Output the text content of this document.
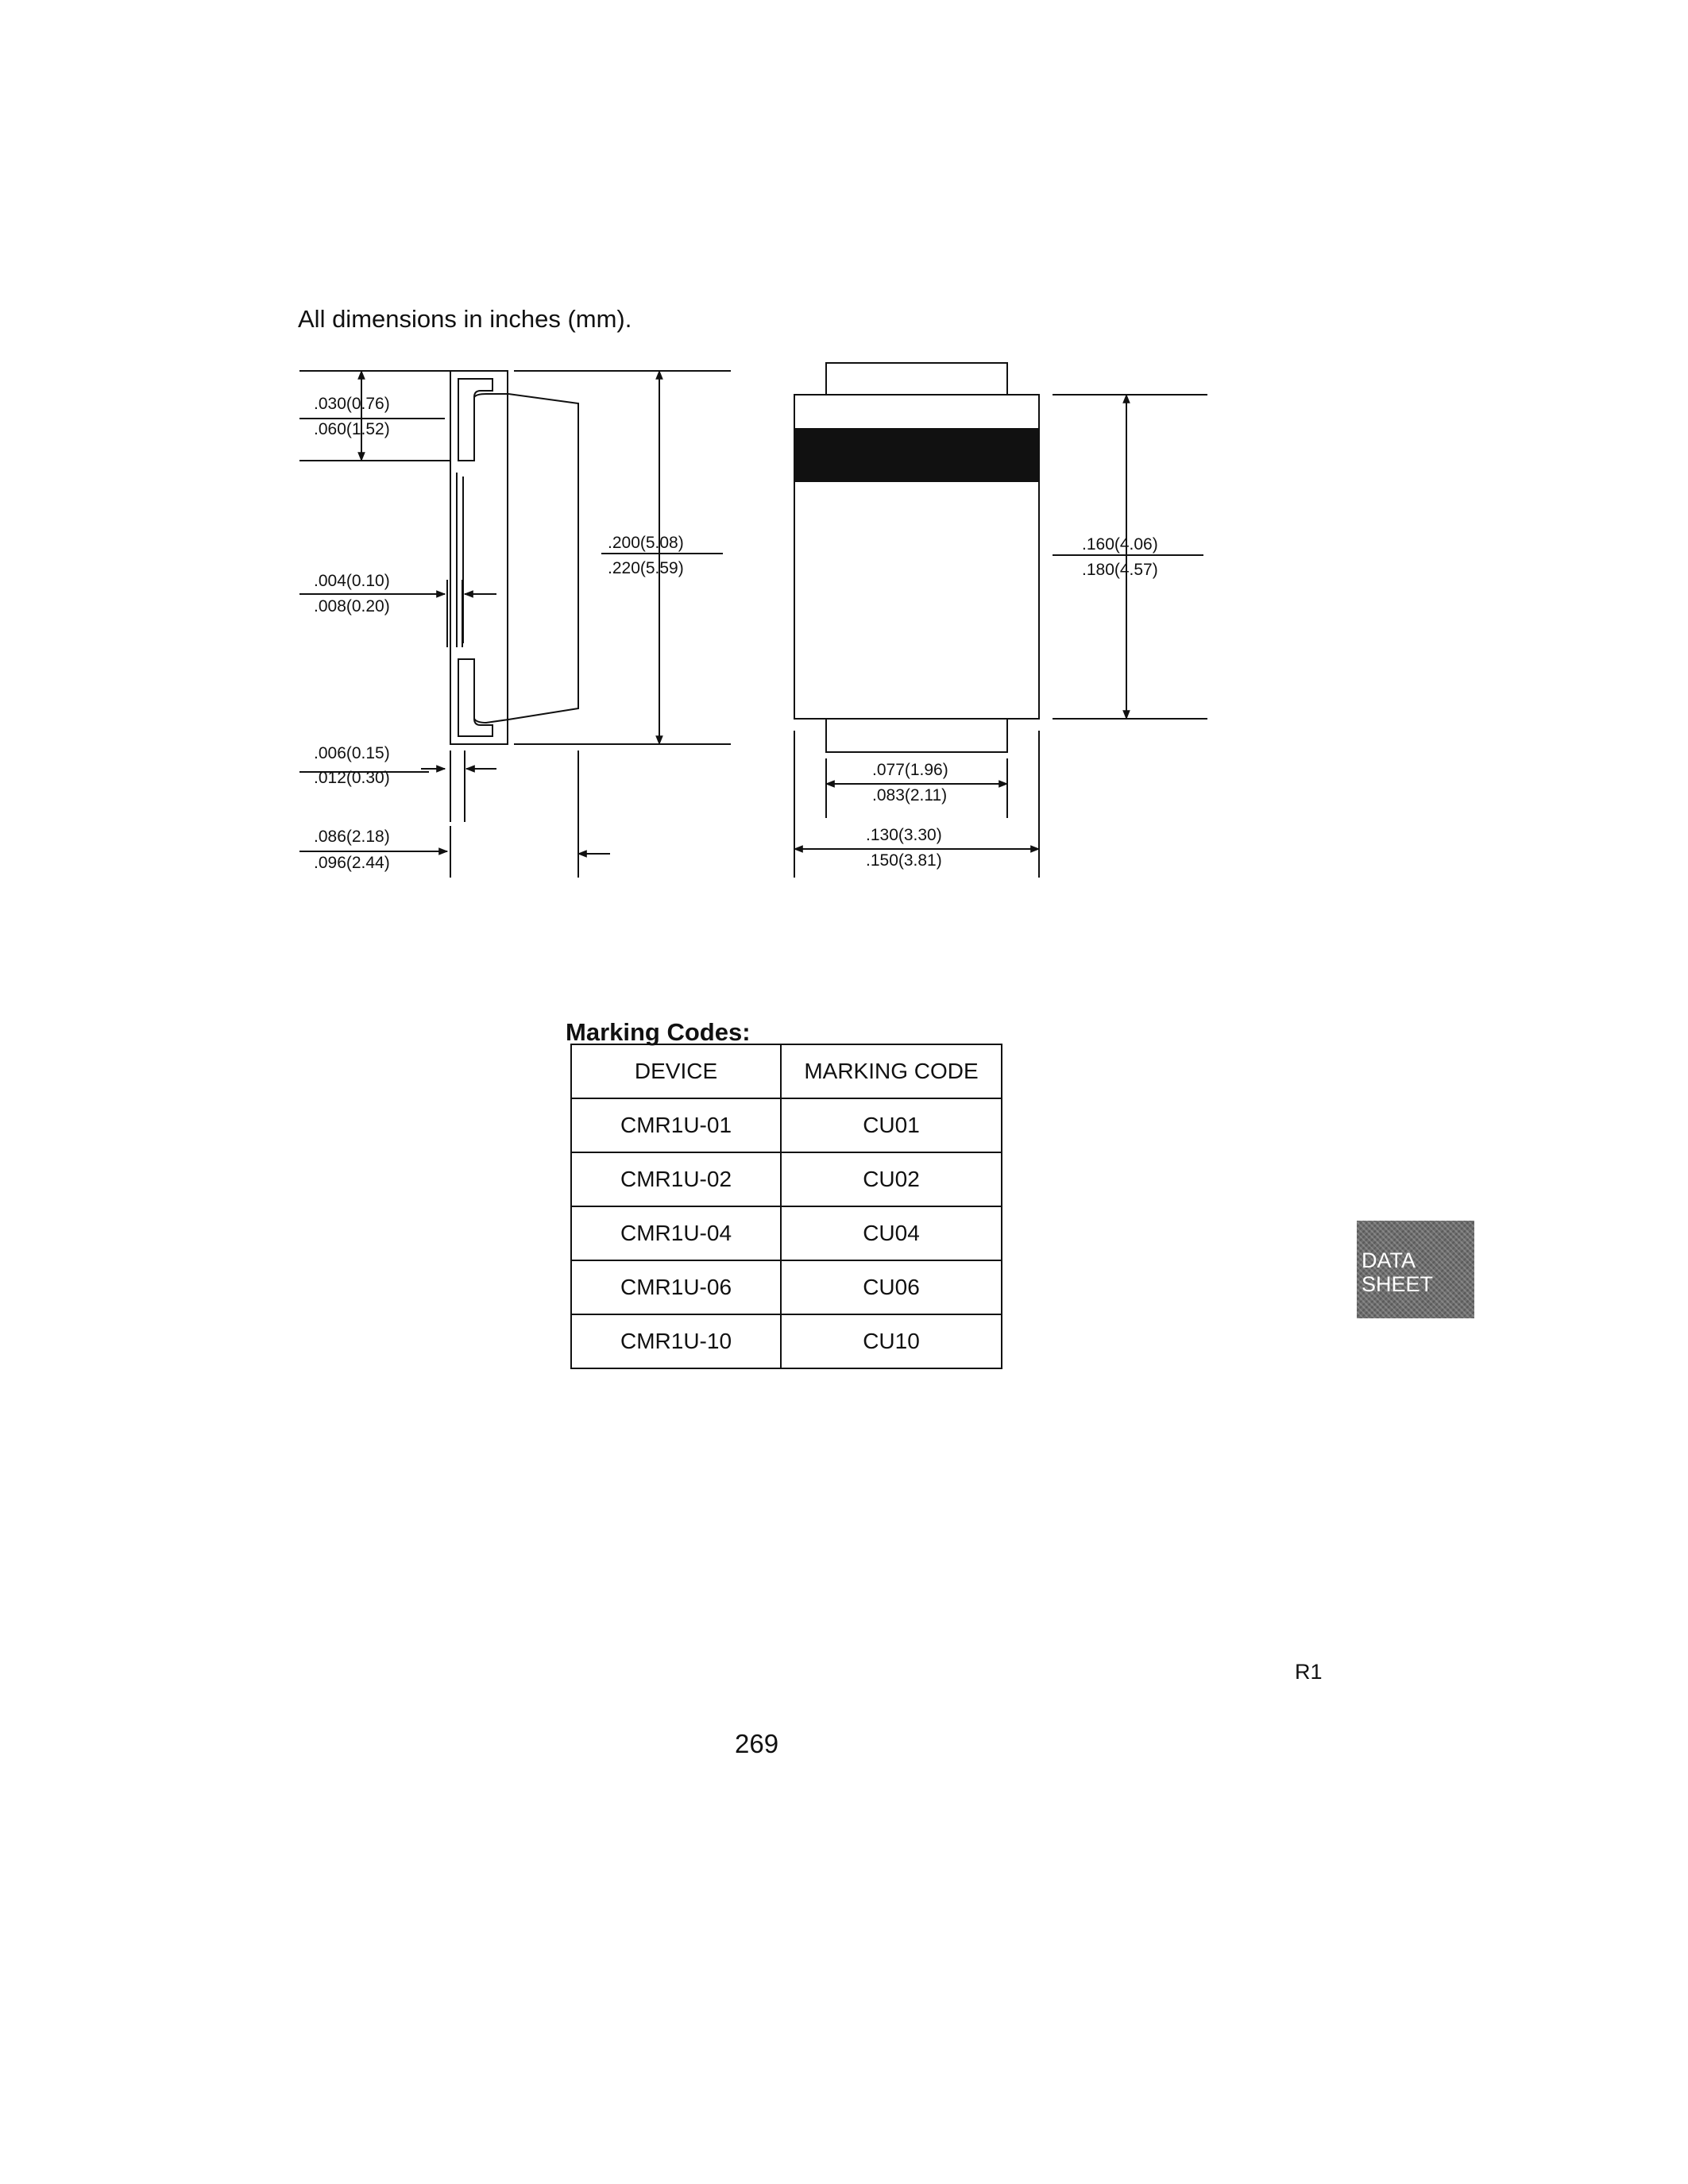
All dimensions in inches (mm).
.030(0.76)
.060(1.52)
.004(0.10)
.008(0.20)
.006(0.15)
.012(0.30)
.086(2.18)
.096(2.44)
.200(5.08)
.220(5.59)
.160(4.06)
.180(4.57)
.077(1.96)
.083(2.11)
.130(3.30)
.150(3.81)
Marking Codes:
DEVICE	MARKING CODE
CMR1U-01	CU01
CMR1U-02	CU02
CMR1U-04	CU04
CMR1U-06	CU06
CMR1U-10	CU10
DATA
SHEET
R1
269
